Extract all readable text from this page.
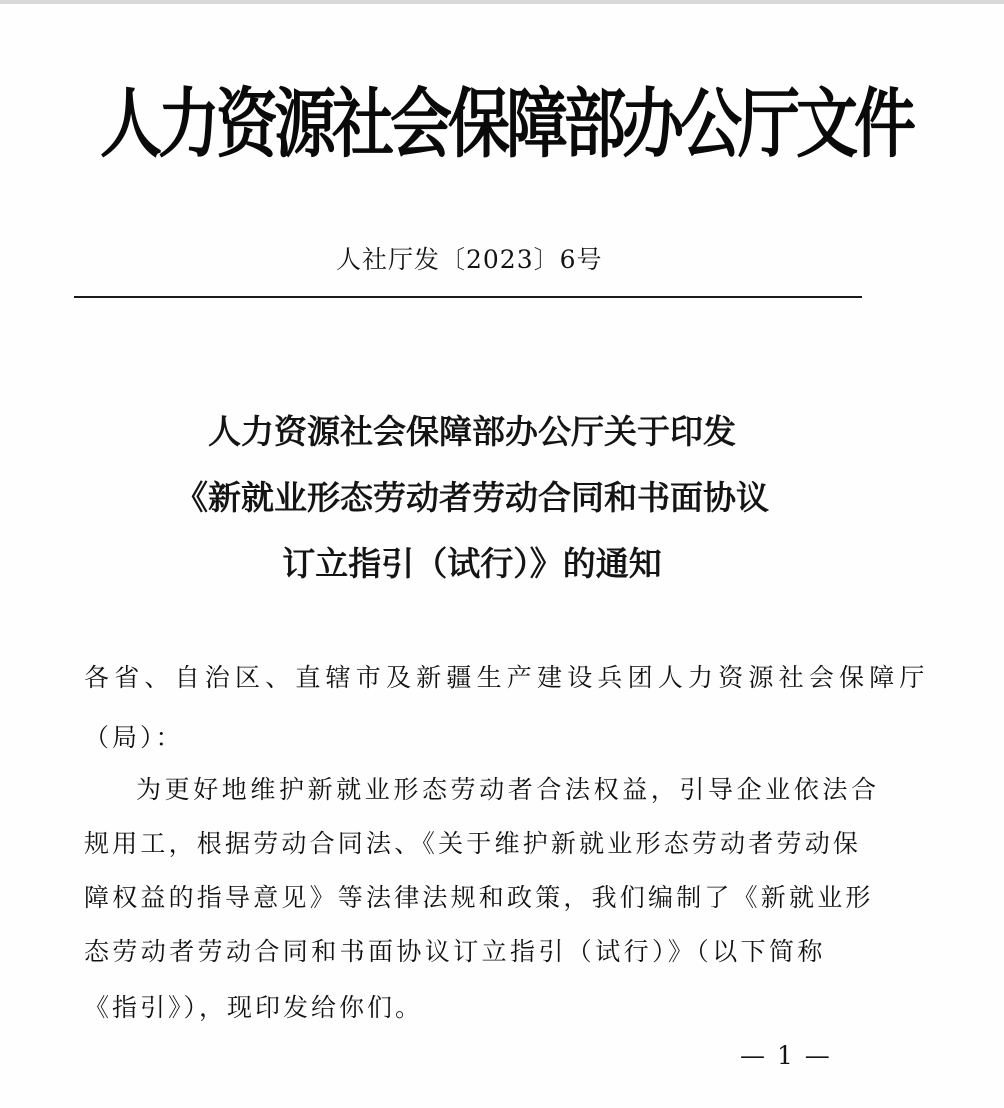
人力资源社会保障部办公厅文件
人社厅发〔2023〕6号
人力资源社会保障部办公厅关于印发
《新就业形态劳动者劳动合同和书面协议
订立指引（试行）》的通知
各省、自治区、直辖市及新疆生产建设兵团人力资源社会保障厅
（局）：
为更好地维护新就业形态劳动者合法权益，引导企业依法合
规用工，根据劳动合同法、《关于维护新就业形态劳动者劳动保
障权益的指导意见》等法律法规和政策，我们编制了《新就业形
态劳动者劳动合同和书面协议订立指引（试行）》（以下简称
《指引》），现印发给你们。
— 1 —
